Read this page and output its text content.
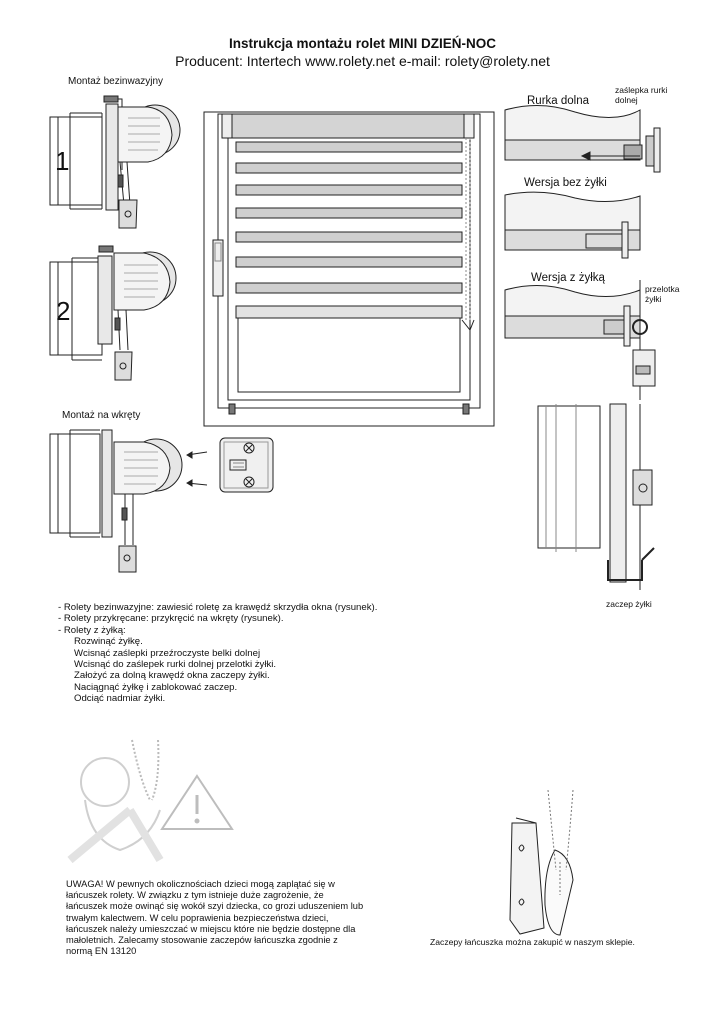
Instrukcja montażu rolet MINI DZIEŃ-NOC
Producent: Intertech www.rolety.net e-mail: rolety@rolety.net
Montaż bezinwazyjny
Montaż na wkręty
Rurka dolna
zaślepka rurki
dolnej
Wersja bez żyłki
Wersja z żyłką
przelotka
żyłki
zaczep żyłki
1
2
- Rolety bezinwazyjne: zawiesić roletę za krawędź skrzydła okna (rysunek).
- Rolety przykręcane: przykręcić na wkręty (rysunek).
- Rolety z żyłką:
Rozwinąć żyłkę.
Wcisnąć zaślepki przeźroczyste belki dolnej
Wcisnąć do zaślepek rurki dolnej przelotki żyłki.
Założyć za dolną krawędź okna zaczepy żyłki.
Naciągnąć żyłkę i zablokować zaczep.
Odciąć nadmiar żyłki.
UWAGA! W pewnych okolicznościach dzieci mogą zaplątać się w łańcuszek rolety. W związku z tym istnieje duże zagrożenie, że łańcuszek może owinąć się wokół szyi dziecka, co grozi uduszeniem lub trwałym kalectwem. W celu poprawienia bezpieczeństwa dzieci, łańcuszek należy umieszczać w miejscu które nie będzie dostępne dla małoletnich. Zalecamy stosowanie zaczepów łańcuszka zgodnie z normą EN 13120
Zaczepy łańcuszka można zakupić w naszym sklepie.
